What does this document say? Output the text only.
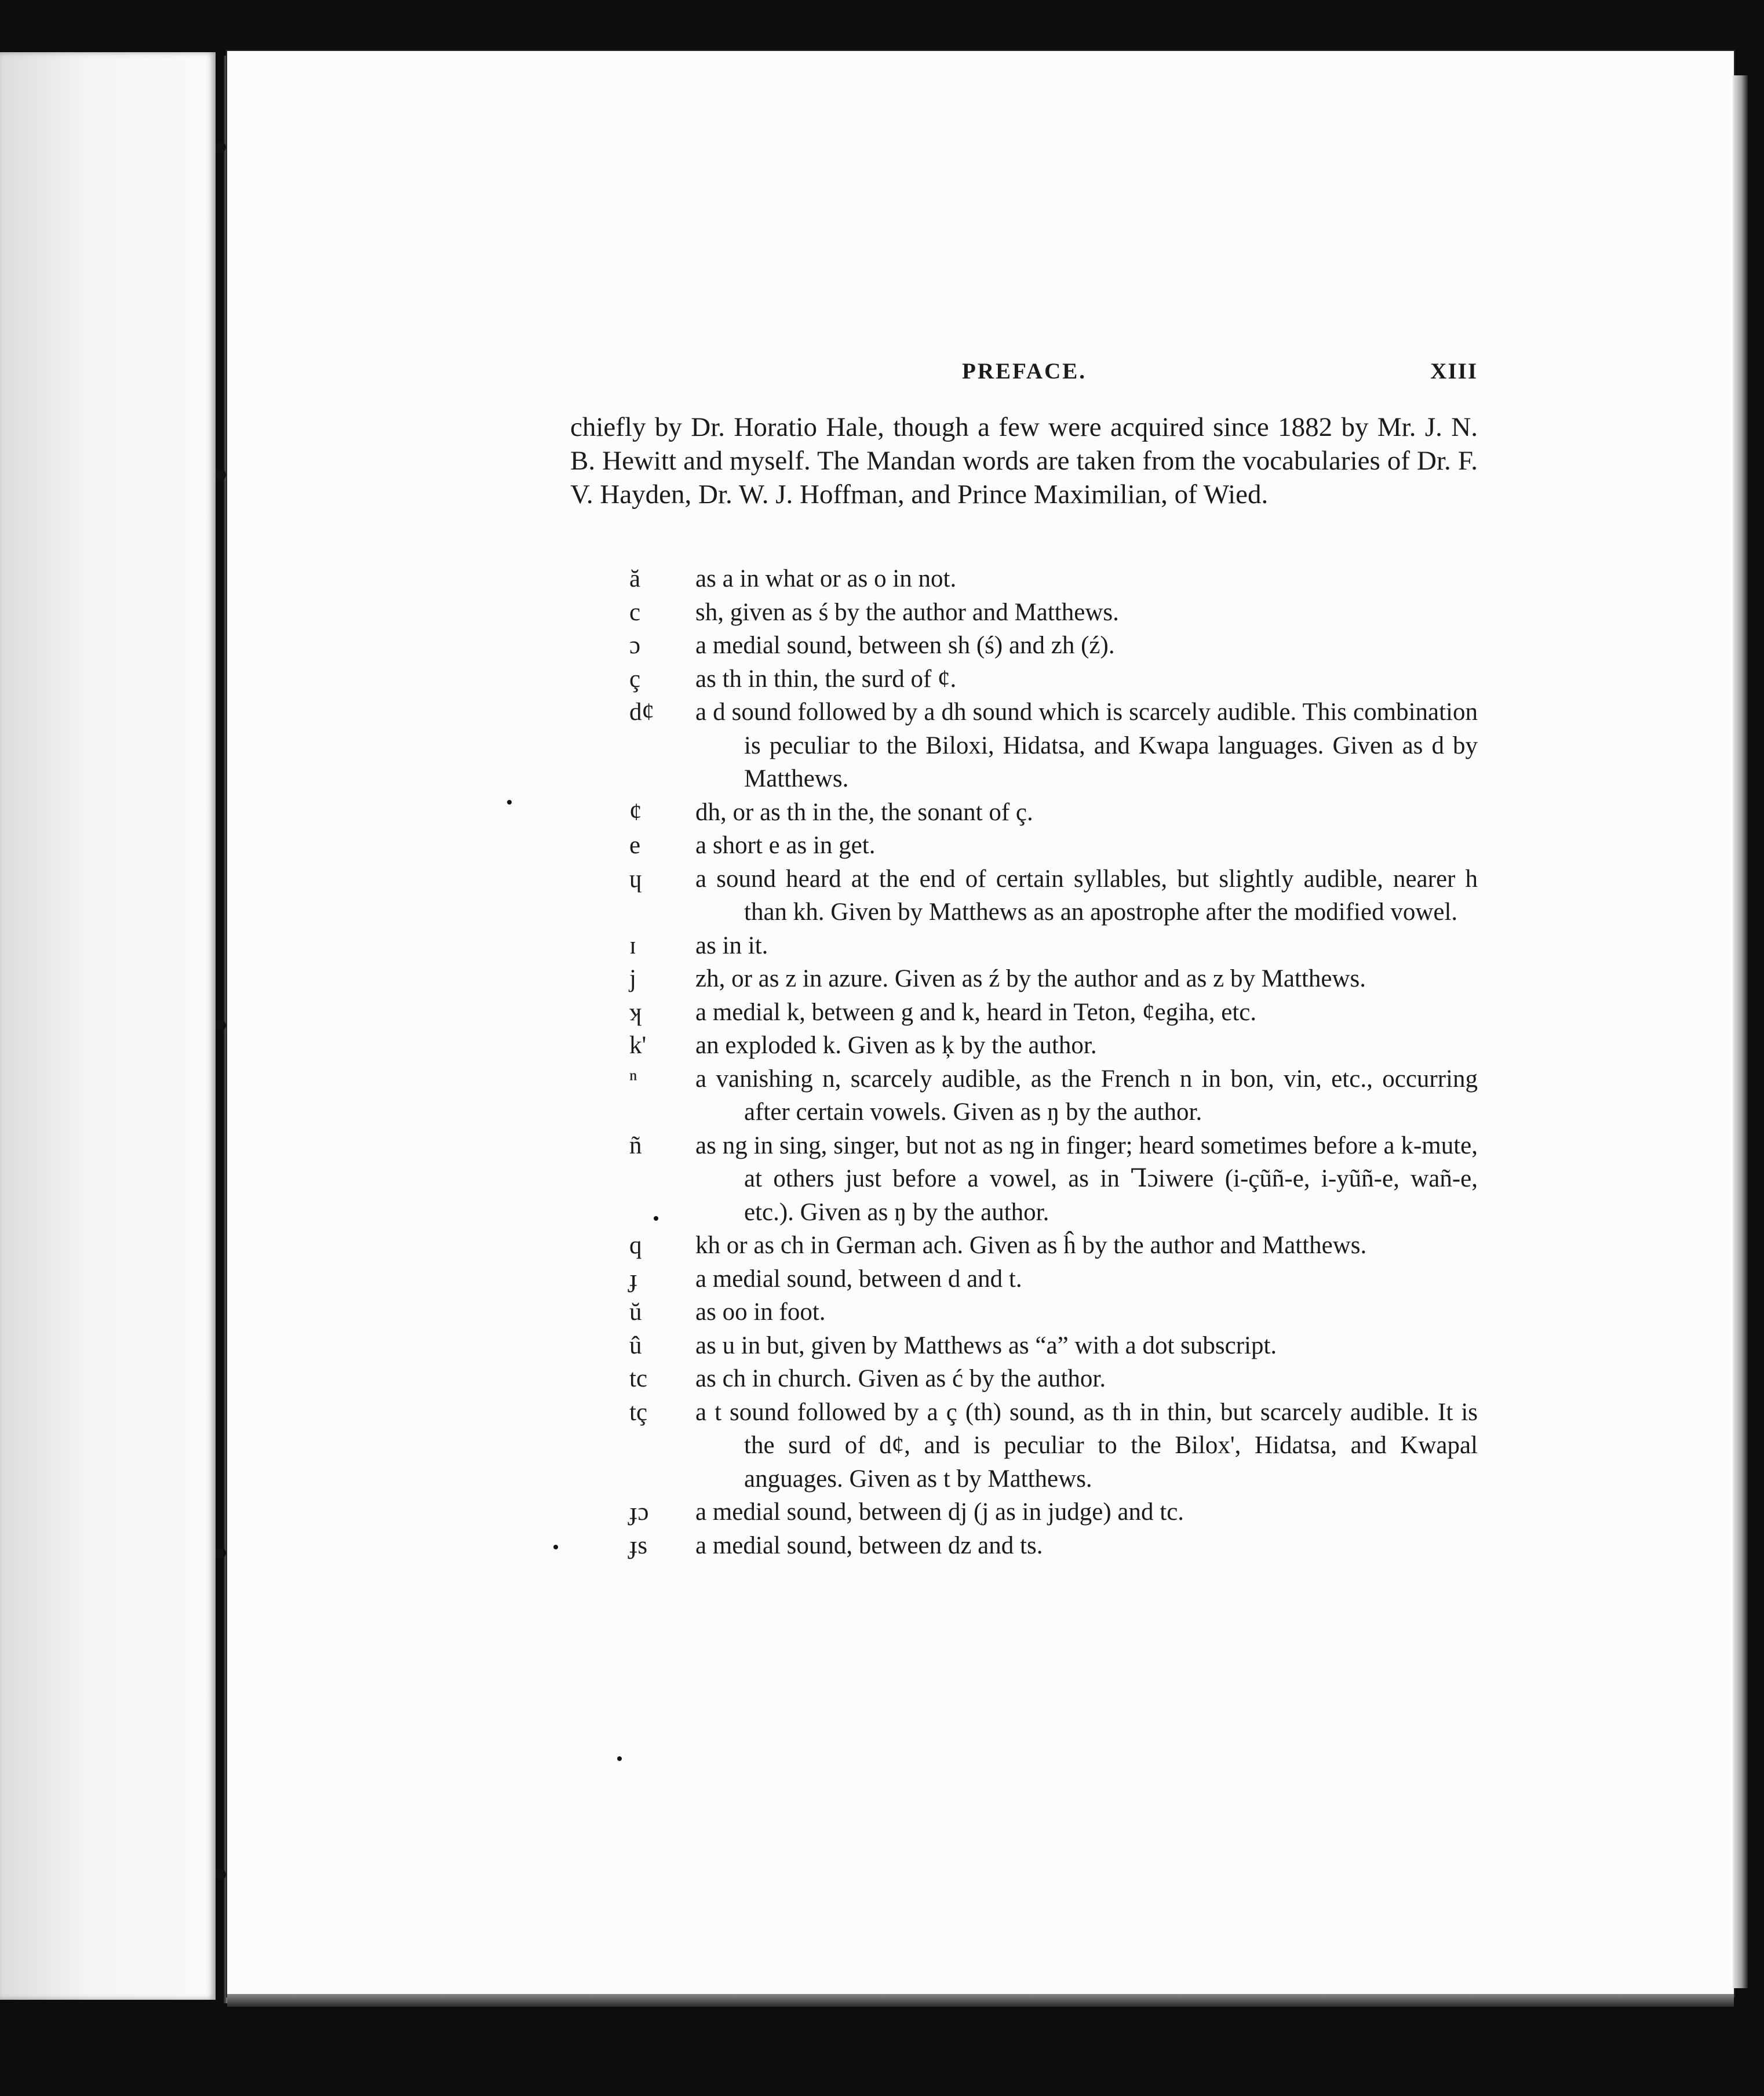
PREFACE.	XIII

chiefly by Dr. Horatio Hale, though a few were acquired since 1882 by Mr. J. N. B. Hewitt and myself. The Mandan words are taken from the vocabularies of Dr. F. V. Hayden, Dr. W. J. Hoffman, and Prince Maximilian, of Wied.

ă	as a in what or as o in not.
c	sh, given as ś by the author and Matthews.
ɔ	a medial sound, between sh (ś) and zh (ź).
ç	as th in thin, the surd of ¢.
d¢	a d sound followed by a dh sound which is scarcely audible. This combination is peculiar to the Biloxi, Hidatsa, and Kwapa languages. Given as d by Matthews.
¢	dh, or as th in the, the sonant of ç.
e	a short e as in get.
ɥ	a sound heard at the end of certain syllables, but slightly audible, nearer h than kh. Given by Matthews as an apostrophe after the modified vowel.
ɪ	as in it.
j	zh, or as z in azure. Given as ź by the author and as z by Matthews.
ʞ	a medial k, between g and k, heard in Teton, ¢egiha, etc.
k'	an exploded k. Given as ķ by the author.
ⁿ	a vanishing n, scarcely audible, as the French n in bon, vin, etc., occurring after certain vowels. Given as ŋ by the author.
ñ	as ng in sing, singer, but not as ng in finger; heard sometimes before a k-mute, at others just before a vowel, as in Ꞁɔiwere (i-çũñ-e, i-yũñ-e, wañ-e, etc.). Given as ŋ by the author.
q	kh or as ch in German ach. Given as ĥ by the author and Matthews.
ɟ	a medial sound, between d and t.
ŭ	as oo in foot.
û	as u in but, given by Matthews as “a” with a dot subscript.
tc	as ch in church. Given as ć by the author.
tç	a t sound followed by a ç (th) sound, as th in thin, but scarcely audible. It is the surd of d¢, and is peculiar to the Bilox', Hidatsa, and Kwapal anguages. Given as t by Matthews.
ɟɔ	a medial sound, between dj (j as in judge) and tc.
ɟs	a medial sound, between dz and ts.
